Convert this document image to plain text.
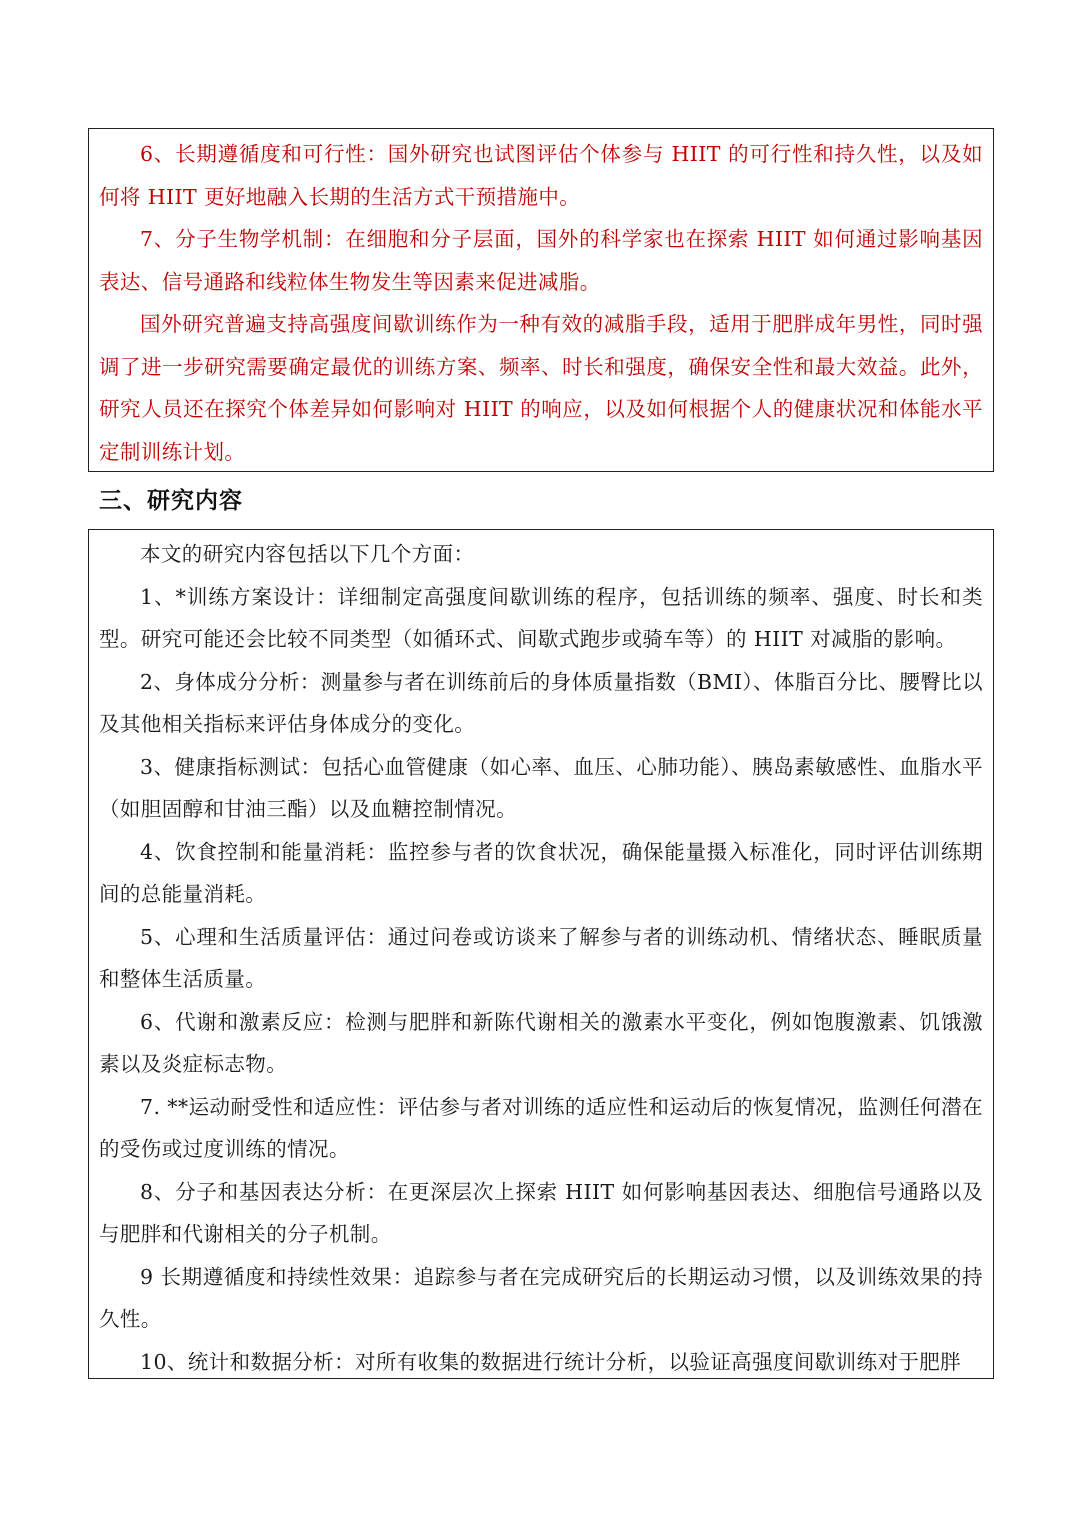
6、长期遵循度和可行性：国外研究也试图评估个体参与 HIIT 的可行性和持久性，以及如何将 HIIT 更好地融入长期的生活方式干预措施中。

7、分子生物学机制：在细胞和分子层面，国外的科学家也在探索 HIIT 如何通过影响基因表达、信号通路和线粒体生物发生等因素来促进减脂。

国外研究普遍支持高强度间歇训练作为一种有效的减脂手段，适用于肥胖成年男性，同时强调了进一步研究需要确定最优的训练方案、频率、时长和强度，确保安全性和最大效益。此外，研究人员还在探究个体差异如何影响对 HIIT 的响应，以及如何根据个人的健康状况和体能水平定制训练计划。

三、研究内容

本文的研究内容包括以下几个方面：

1、*训练方案设计：详细制定高强度间歇训练的程序，包括训练的频率、强度、时长和类型。研究可能还会比较不同类型（如循环式、间歇式跑步或骑车等）的 HIIT 对减脂的影响。

2、身体成分分析：测量参与者在训练前后的身体质量指数（BMI）、体脂百分比、腰臀比以及其他相关指标来评估身体成分的变化。

3、健康指标测试：包括心血管健康（如心率、血压、心肺功能）、胰岛素敏感性、血脂水平（如胆固醇和甘油三酯）以及血糖控制情况。

4、饮食控制和能量消耗：监控参与者的饮食状况，确保能量摄入标准化，同时评估训练期间的总能量消耗。

5、心理和生活质量评估：通过问卷或访谈来了解参与者的训练动机、情绪状态、睡眠质量和整体生活质量。

6、代谢和激素反应：检测与肥胖和新陈代谢相关的激素水平变化，例如饱腹激素、饥饿激素以及炎症标志物。

7. **运动耐受性和适应性：评估参与者对训练的适应性和运动后的恢复情况，监测任何潜在的受伤或过度训练的情况。

8、分子和基因表达分析：在更深层次上探索 HIIT 如何影响基因表达、细胞信号通路以及与肥胖和代谢相关的分子机制。

9 长期遵循度和持续性效果：追踪参与者在完成研究后的长期运动习惯，以及训练效果的持久性。

10、统计和数据分析：对所有收集的数据进行统计分析，以验证高强度间歇训练对于肥胖
